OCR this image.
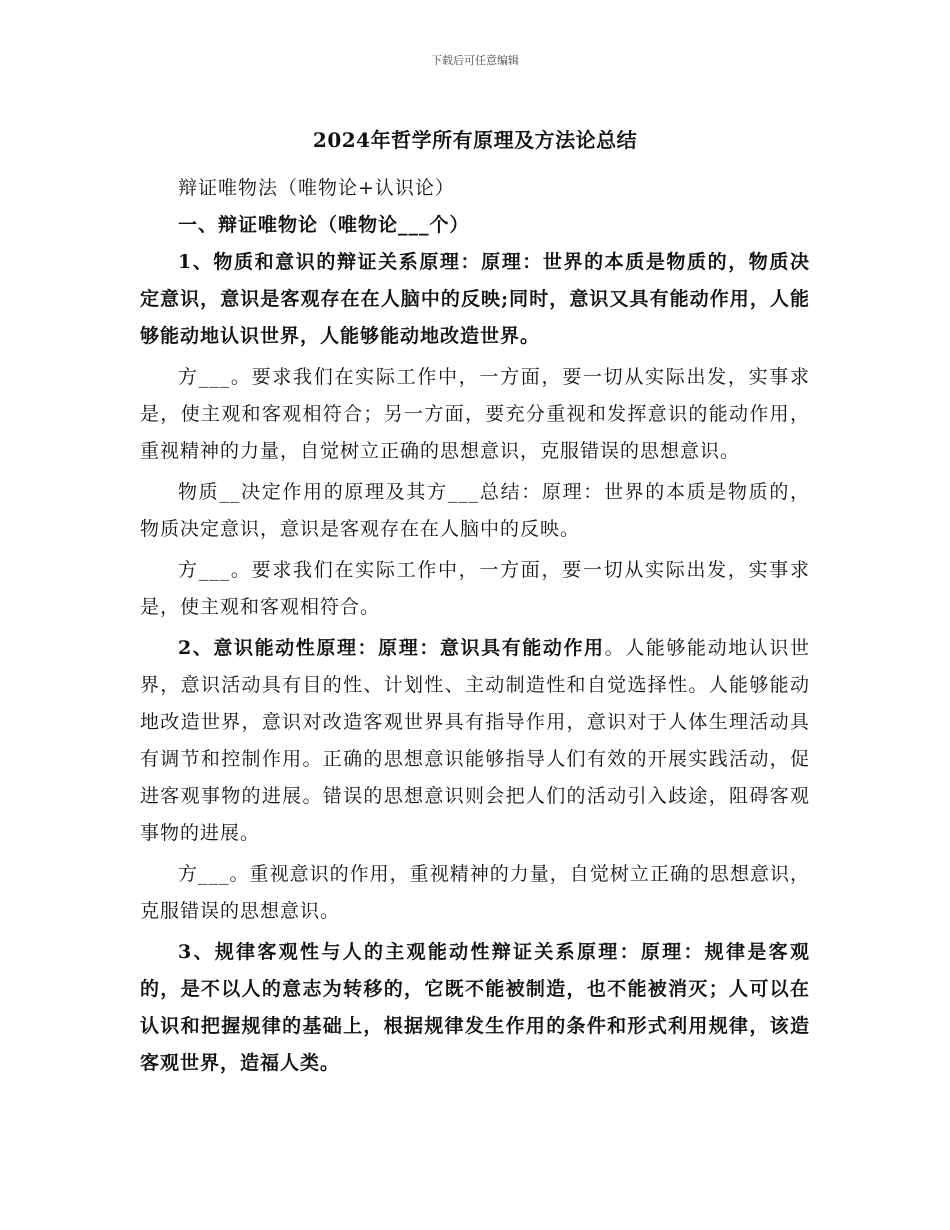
下载后可任意编辑
2024年哲学所有原理及方法论总结

辩证唯物法（唯物论+认识论）

一、辩证唯物论（唯物论___个）

1、物质和意识的辩证关系原理：原理：世界的本质是物质的，物质决定意识，意识是客观存在在人脑中的反映;同时，意识又具有能动作用，人能够能动地认识世界，人能够能动地改造世界。

方___。要求我们在实际工作中，一方面，要一切从实际出发，实事求是，使主观和客观相符合；另一方面，要充分重视和发挥意识的能动作用，重视精神的力量，自觉树立正确的思想意识，克服错误的思想意识。

物质__决定作用的原理及其方___总结：原理：世界的本质是物质的，物质决定意识，意识是客观存在在人脑中的反映。

方___。要求我们在实际工作中，一方面，要一切从实际出发，实事求是，使主观和客观相符合。

2、意识能动性原理：原理：意识具有能动作用。人能够能动地认识世界，意识活动具有目的性、计划性、主动制造性和自觉选择性。人能够能动地改造世界，意识对改造客观世界具有指导作用，意识对于人体生理活动具有调节和控制作用。正确的思想意识能够指导人们有效的开展实践活动，促进客观事物的进展。错误的思想意识则会把人们的活动引入歧途，阻碍客观事物的进展。

方___。重视意识的作用，重视精神的力量，自觉树立正确的思想意识，克服错误的思想意识。

3、规律客观性与人的主观能动性辩证关系原理：原理：规律是客观的，是不以人的意志为转移的，它既不能被制造，也不能被消灭；人可以在认识和把握规律的基础上，根据规律发生作用的条件和形式利用规律，该造客观世界，造福人类。
